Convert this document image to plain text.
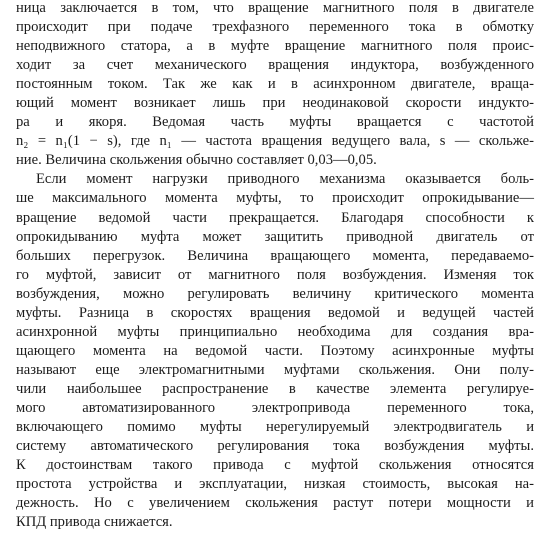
ница заключается в том, что вращение магнитного поля в двигателе
происходит при подаче трехфазного переменного тока в обмотку
неподвижного статора, а в муфте вращение магнитного поля проис-
ходит за счет механического вращения индуктора, возбужденного
постоянным током. Так же как и в асинхронном двигателе, враща-
ющий момент возникает лишь при неодинаковой скорости индукто-
ра и якоря. Ведомая часть муфты вращается с частотой
n₂ = n₁(1 − s), где n₁ — частота вращения ведущего вала, s — скольже-
ние. Величина скольжения обычно составляет 0,03—0,05.
Если момент нагрузки приводного механизма оказывается боль-
ше максимального момента муфты, то происходит опрокидывание—
вращение ведомой части прекращается. Благодаря способности к
опрокидыванию муфта может защитить приводной двигатель от
больших перегрузок. Величина вращающего момента, передаваемо-
го муфтой, зависит от магнитного поля возбуждения. Изменяя ток
возбуждения, можно регулировать величину критического момента
муфты. Разница в скоростях вращения ведомой и ведущей частей
асинхронной муфты принципиально необходима для создания вра-
щающего момента на ведомой части. Поэтому асинхронные муфты
называют еще электромагнитными муфтами скольжения. Они полу-
чили наибольшее распространение в качестве элемента регулируе-
мого автоматизированного электропривода переменного тока,
включающего помимо муфты нерегулируемый электродвигатель и
систему автоматического регулирования тока возбуждения муфты.
К достоинствам такого привода с муфтой скольжения относятся
простота устройства и эксплуатации, низкая стоимость, высокая на-
дежность. Но с увеличением скольжения растут потери мощности и
КПД привода снижается.
